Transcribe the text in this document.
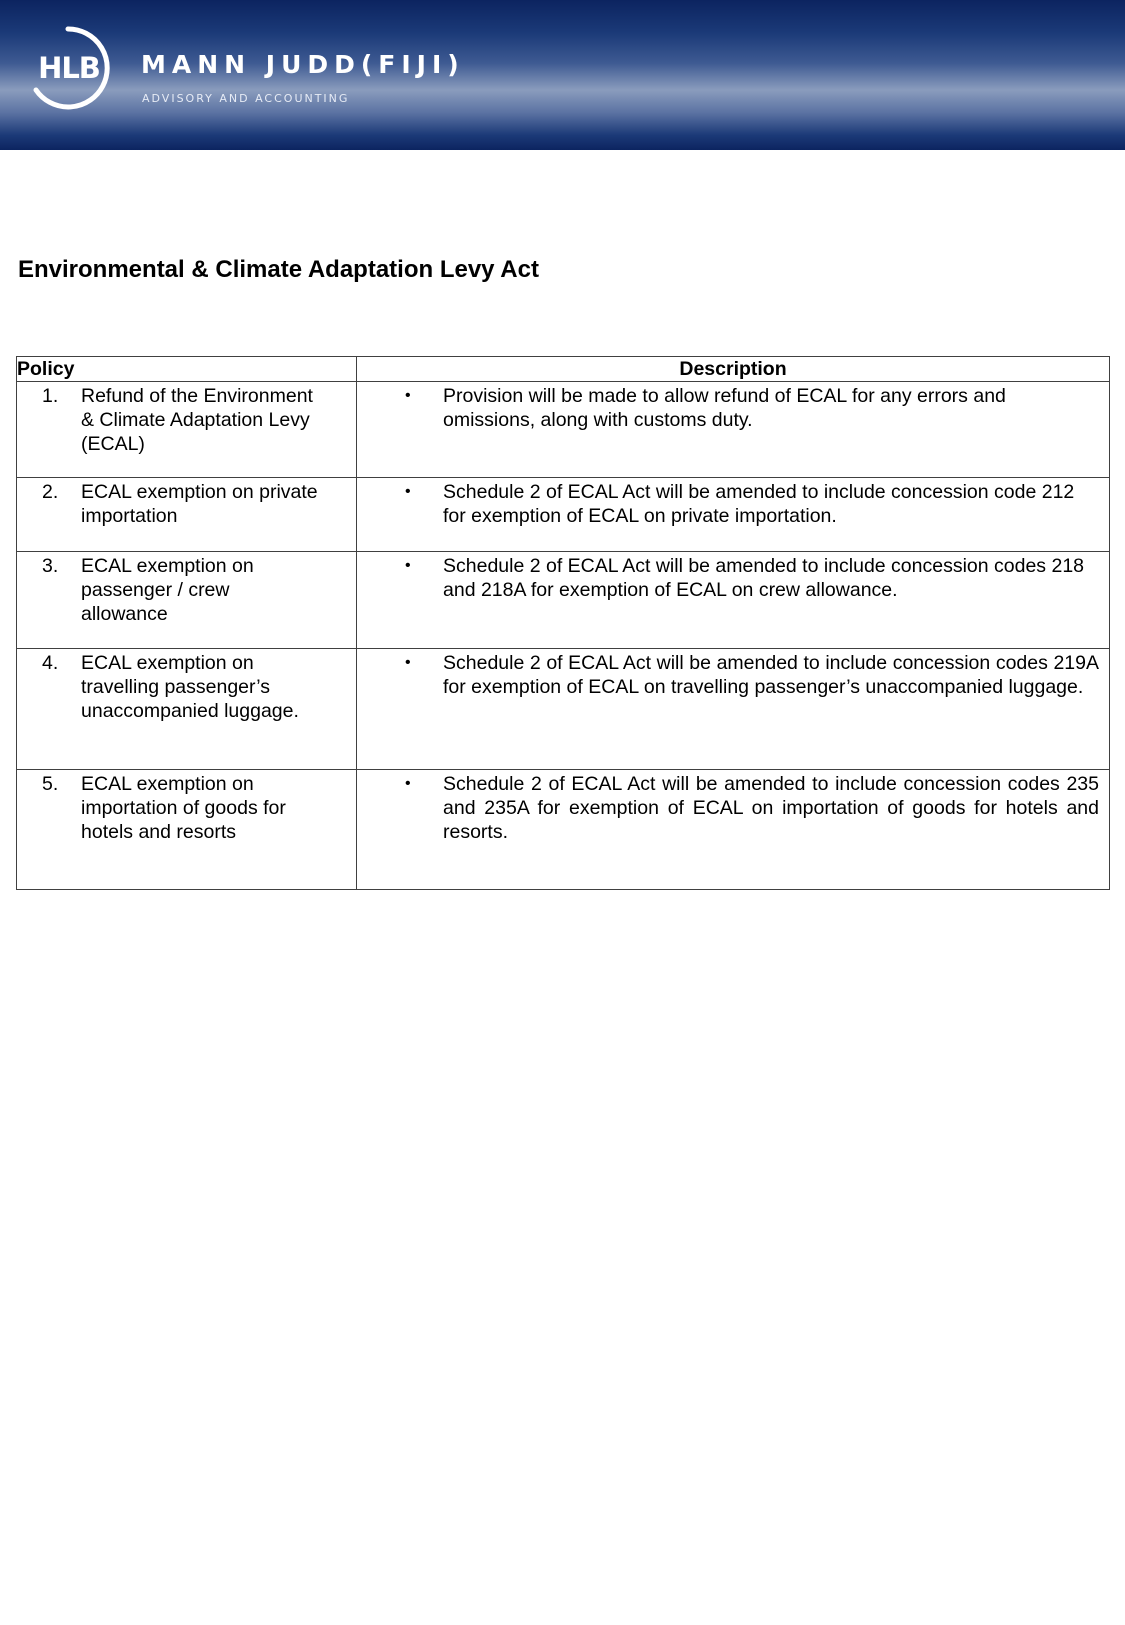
HLB MANN JUDD(FIJI)
ADVISORY AND ACCOUNTING
Environmental & Climate Adaptation Levy Act
Policy	Description

1. Refund of the Environment & Climate Adaptation Levy (ECAL)	• Provision will be made to allow refund of ECAL for any errors and omissions, along with customs duty.

2. ECAL exemption on private importation	• Schedule 2 of ECAL Act will be amended to include concession code 212 for exemption of ECAL on private importation.

3. ECAL exemption on passenger / crew allowance	• Schedule 2 of ECAL Act will be amended to include concession codes 218 and 218A for exemption of ECAL on crew allowance.

4. ECAL exemption on travelling passenger’s unaccompanied luggage.	• Schedule 2 of ECAL Act will be amended to include concession codes 219A for exemption of ECAL on travelling passenger’s unaccompanied luggage.

5. ECAL exemption on importation of goods for hotels and resorts	• Schedule 2 of ECAL Act will be amended to include concession codes 235 and 235A for exemption of ECAL on importation of goods for hotels and resorts.
